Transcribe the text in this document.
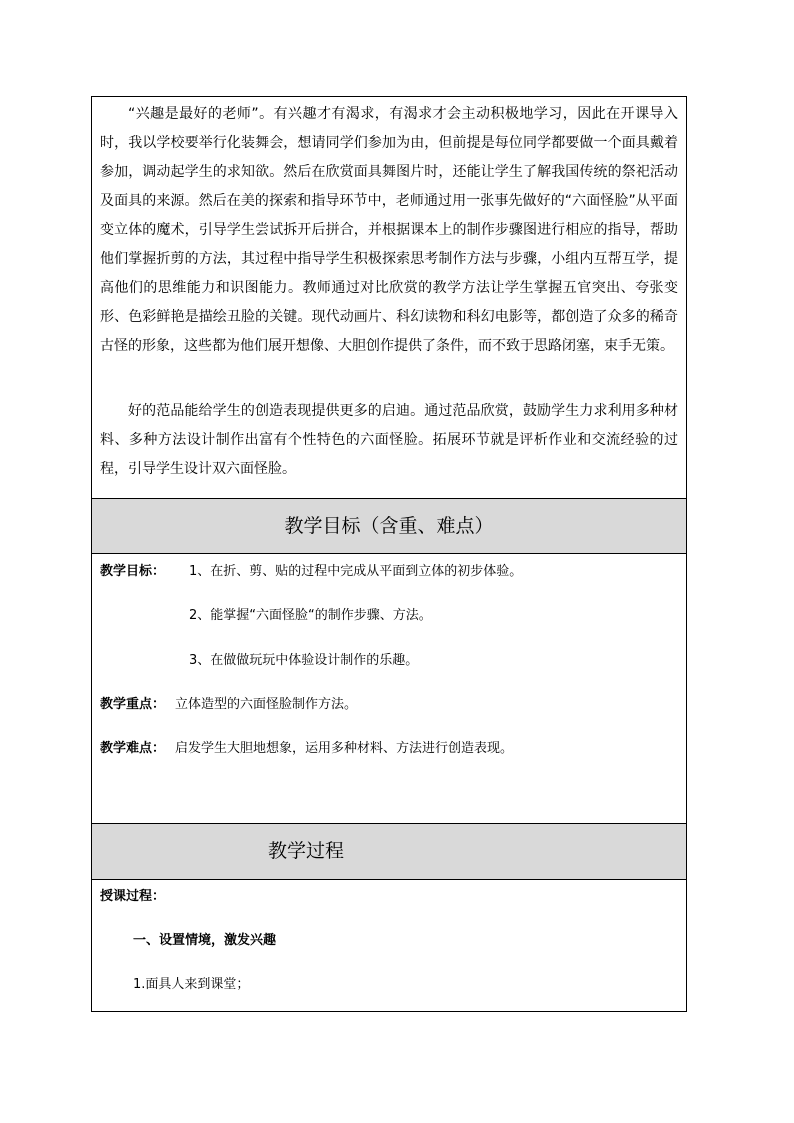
“兴趣是最好的老师”。有兴趣才有渴求，有渴求才会主动积极地学习，因此在开课导入时，我以学校要举行化装舞会，想请同学们参加为由，但前提是每位同学都要做一个面具戴着参加，调动起学生的求知欲。然后在欣赏面具舞图片时，还能让学生了解我国传统的祭祀活动及面具的来源。然后在美的探索和指导环节中，老师通过用一张事先做好的“六面怪脸”从平面变立体的魔术，引导学生尝试拆开后拼合，并根据课本上的制作步骤图进行相应的指导，帮助他们掌握折剪的方法，其过程中指导学生积极探索思考制作方法与步骤，小组内互帮互学，提高他们的思维能力和识图能力。教师通过对比欣赏的教学方法让学生掌握五官突出、夸张变形、色彩鲜艳是描绘丑脸的关键。现代动画片、科幻读物和科幻电影等，都创造了众多的稀奇古怪的形象，这些都为他们展开想像、大胆创作提供了条件，而不致于思路闭塞，束手无策。

好的范品能给学生的创造表现提供更多的启迪。通过范品欣赏，鼓励学生力求利用多种材料、多种方法设计制作出富有个性特色的六面怪脸。拓展环节就是评析作业和交流经验的过程，引导学生设计双六面怪脸。

教学目标（含重、难点）
教学目标： 1、在折、剪、贴的过程中完成从平面到立体的初步体验。
2、能掌握“六面怪脸“的制作步骤、方法。
3、在做做玩玩中体验设计制作的乐趣。
教学重点： 立体造型的六面怪脸制作方法。
教学难点： 启发学生大胆地想象，运用多种材料、方法进行创造表现。
教学过程
授课过程：
一、设置情境，激发兴趣
1.面具人来到课堂；
